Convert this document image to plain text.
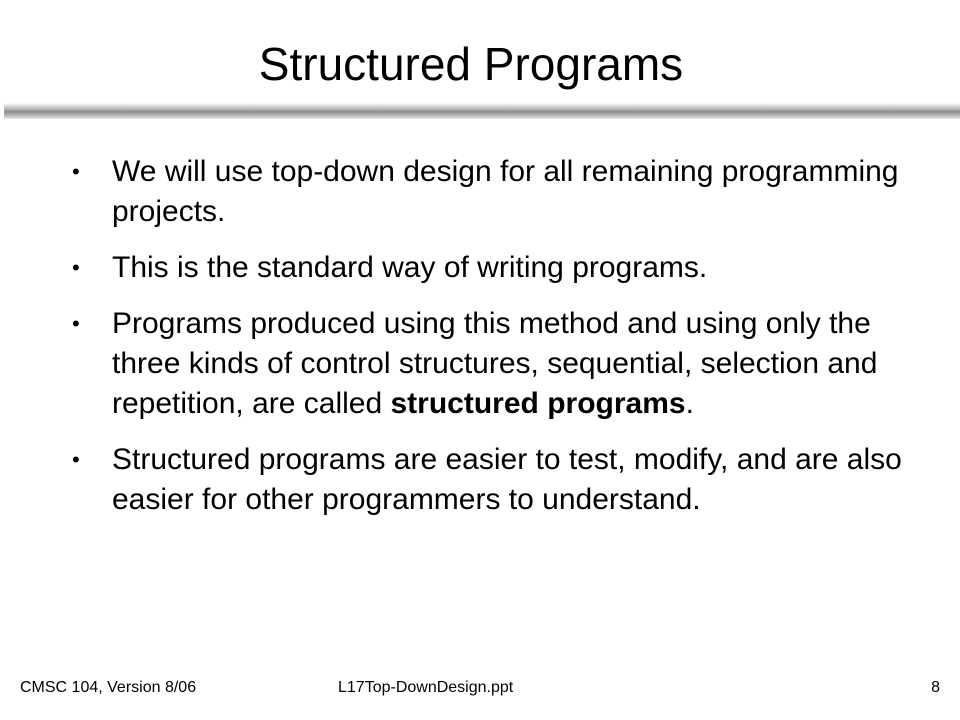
Structured Programs
•	We will use top-down design for all remaining programming projects.
•	This is the standard way of writing programs.
•	Programs produced using this method and using only the three kinds of control structures, sequential, selection and repetition, are called structured programs.
•	Structured programs are easier to test, modify, and are also easier for other programmers to understand.
CMSC 104, Version 8/06	L17Top-DownDesign.ppt	8
